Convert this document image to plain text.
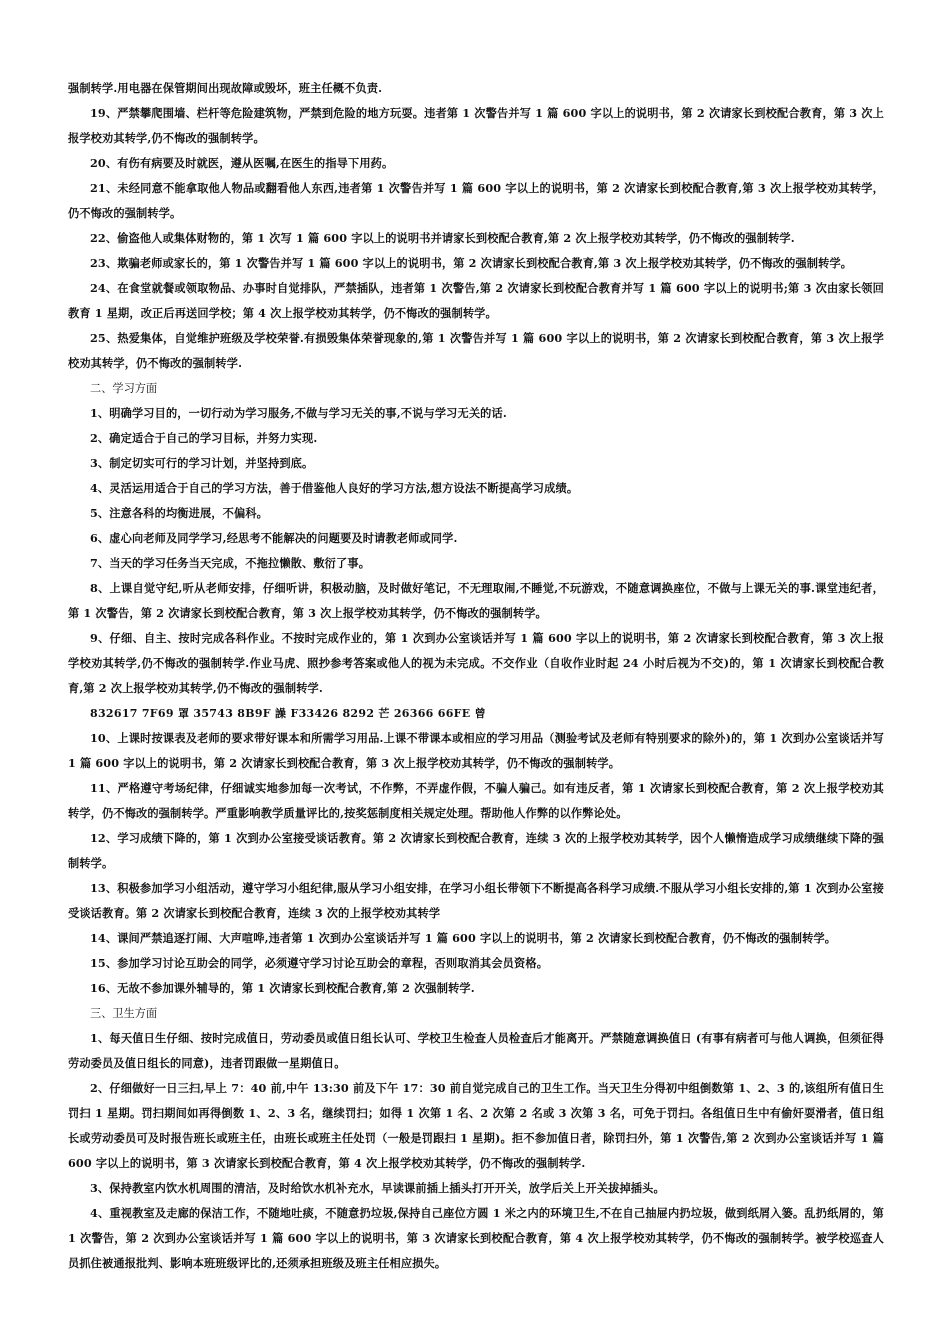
强制转学.用电器在保管期间出现故障或毁坏，班主任概不负责.

19、严禁攀爬围墙、栏杆等危险建筑物，严禁到危险的地方玩耍。违者第 1 次警告并写 1 篇 600 字以上的说明书，第 2 次请家长到校配合教育，第 3 次上报学校劝其转学,仍不悔改的强制转学。

20、有伤有病要及时就医，遵从医嘱,在医生的指导下用药。

21、未经同意不能拿取他人物品或翻看他人东西,违者第 1 次警告并写 1 篇 600 字以上的说明书，第 2 次请家长到校配合教育,第 3 次上报学校劝其转学，仍不悔改的强制转学。

22、偷盗他人或集体财物的，第 1 次写 1 篇 600 字以上的说明书并请家长到校配合教育,第 2 次上报学校劝其转学，仍不悔改的强制转学.

23、欺骗老师或家长的，第 1 次警告并写 1 篇 600 字以上的说明书，第 2 次请家长到校配合教育,第 3 次上报学校劝其转学，仍不悔改的强制转学。

24、在食堂就餐或领取物品、办事时自觉排队，严禁插队，违者第 1 次警告,第 2 次请家长到校配合教育并写 1 篇 600 字以上的说明书;第 3 次由家长领回教育 1 星期，改正后再送回学校；第 4 次上报学校劝其转学，仍不悔改的强制转学。

25、热爱集体，自觉维护班级及学校荣誉.有损毁集体荣誉现象的,第 1 次警告并写 1 篇 600 字以上的说明书，第 2 次请家长到校配合教育，第 3 次上报学校劝其转学，仍不悔改的强制转学.

二、学习方面

1、明确学习目的，一切行动为学习服务,不做与学习无关的事,不说与学习无关的话.

2、确定适合于自己的学习目标，并努力实现.

3、制定切实可行的学习计划，并坚持到底。

4、灵活运用适合于自己的学习方法，善于借鉴他人良好的学习方法,想方设法不断提高学习成绩。

5、注意各科的均衡进展，不偏科。

6、虚心向老师及同学学习,经思考不能解决的问题要及时请教老师或同学.

7、当天的学习任务当天完成，不拖拉懒散、敷衍了事。

8、上课自觉守纪,听从老师安排，仔细听讲，积极动脑，及时做好笔记，不无理取闹,不睡觉,不玩游戏，不随意调换座位，不做与上课无关的事.课堂违纪者，第 1 次警告，第 2 次请家长到校配合教育，第 3 次上报学校劝其转学，仍不悔改的强制转学。

9、仔细、自主、按时完成各科作业。不按时完成作业的，第 1 次到办公室谈话并写 1 篇 600 字以上的说明书，第 2 次请家长到校配合教育，第 3 次上报学校劝其转学,仍不悔改的强制转学.作业马虎、照抄参考答案或他人的视为未完成。不交作业（自收作业时起 24 小时后视为不交)的，第 1 次请家长到校配合教育,第 2 次上报学校劝其转学,仍不悔改的强制转学.

832617 7F69 罩 35743 8B9F 譟 F33426 8292 芒 26366 66FE 曾

10、上课时按课表及老师的要求带好课本和所需学习用品.上课不带课本或相应的学习用品（测验考试及老师有特别要求的除外)的，第 1 次到办公室谈话并写 1 篇 600 字以上的说明书，第 2 次请家长到校配合教育，第 3 次上报学校劝其转学，仍不悔改的强制转学。

11、严格遵守考场纪律，仔细诚实地参加每一次考试，不作弊，不弄虚作假，不骗人骗己。如有违反者，第 1 次请家长到校配合教育，第 2 次上报学校劝其转学，仍不悔改的强制转学。严重影响教学质量评比的,按奖惩制度相关规定处理。帮助他人作弊的以作弊论处。

12、学习成绩下降的，第 1 次到办公室接受谈话教育。第 2 次请家长到校配合教育，连续 3 次的上报学校劝其转学，因个人懒惰造成学习成绩继续下降的强制转学。

13、积极参加学习小组活动，遵守学习小组纪律,服从学习小组安排，在学习小组长带领下不断提高各科学习成绩.不服从学习小组长安排的,第 1 次到办公室接受谈话教育。第 2 次请家长到校配合教育，连续 3 次的上报学校劝其转学

14、课间严禁追逐打闹、大声喧哗,违者第 1 次到办公室谈话并写 1 篇 600 字以上的说明书，第 2 次请家长到校配合教育，仍不悔改的强制转学。

15、参加学习讨论互助会的同学，必须遵守学习讨论互助会的章程，否则取消其会员资格。

16、无故不参加课外辅导的，第 1 次请家长到校配合教育,第 2 次强制转学.

三、卫生方面

1、每天值日生仔细、按时完成值日，劳动委员或值日组长认可、学校卫生检查人员检查后才能离开。严禁随意调换值日 (有事有病者可与他人调换，但须征得劳动委员及值日组长的同意)，违者罚跟做一星期值日。

2、仔细做好一日三扫,早上 7：40 前,中午 13:30 前及下午 17：30 前自觉完成自己的卫生工作。当天卫生分得初中组倒数第 1、2、3 的,该组所有值日生罚扫 1 星期。罚扫期间如再得倒数 1、2、3 名，继续罚扫；如得 1 次第 1 名、2 次第 2 名或 3 次第 3 名，可免于罚扫。各组值日生中有偷奸耍滑者，值日组长或劳动委员可及时报告班长或班主任，由班长或班主任处罚（一般是罚跟扫 1 星期)。拒不参加值日者，除罚扫外，第 1 次警告,第 2 次到办公室谈话并写 1 篇 600 字以上的说明书，第 3 次请家长到校配合教育，第 4 次上报学校劝其转学，仍不悔改的强制转学.

3、保持教室内饮水机周围的清洁，及时给饮水机补充水，早读课前插上插头打开开关，放学后关上开关拔掉插头。

4、重视教室及走廊的保洁工作，不随地吐痰，不随意扔垃圾,保持自己座位方圆 1 米之内的环境卫生,不在自己抽屉内扔垃圾，做到纸屑入篓。乱扔纸屑的，第 1 次警告，第 2 次到办公室谈话并写 1 篇 600 字以上的说明书，第 3 次请家长到校配合教育，第 4 次上报学校劝其转学，仍不悔改的强制转学。被学校巡查人员抓住被通报批判、影响本班班级评比的,还须承担班级及班主任相应损失。
